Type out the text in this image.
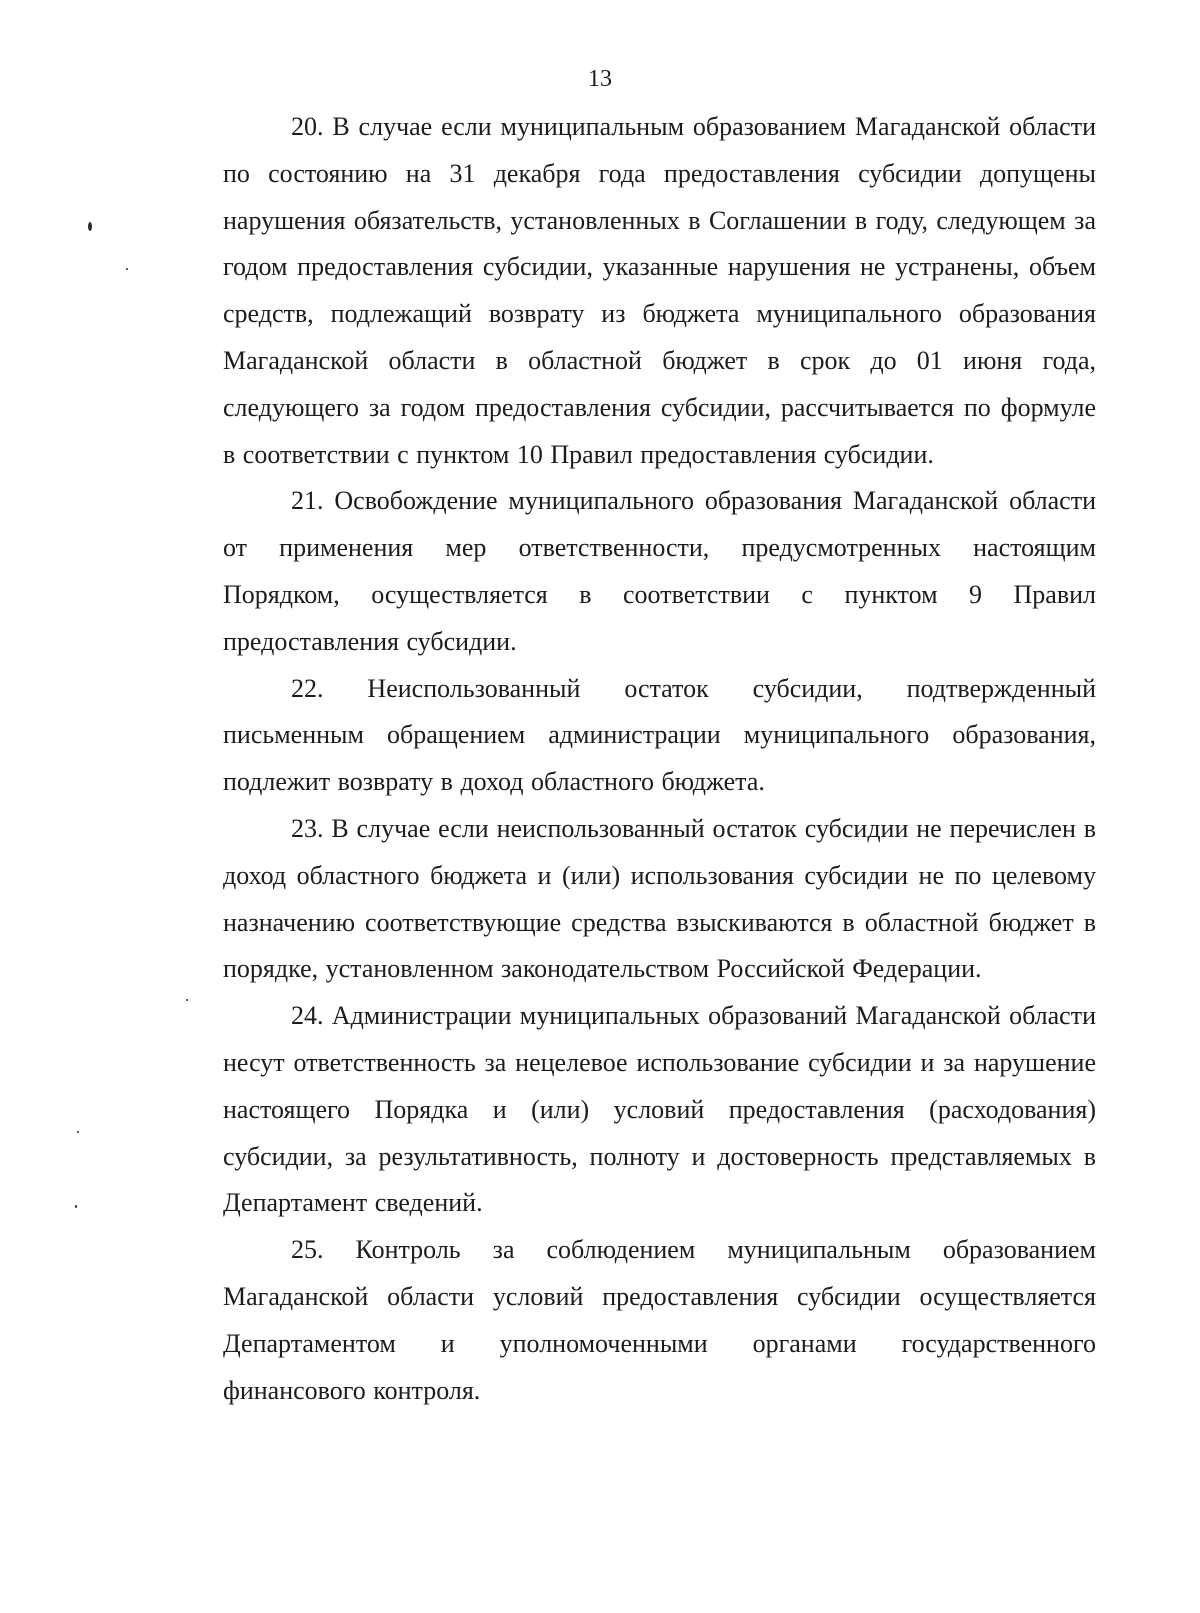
13

20. В случае если муниципальным образованием Магаданской области по состоянию на 31 декабря года предоставления субсидии допущены нарушения обязательств, установленных в Соглашении в году, следующем за годом предоставления субсидии, указанные нарушения не устранены, объем средств, подлежащий возврату из бюджета муниципального образования Магаданской области в областной бюджет в срок до 01 июня года, следующего за годом предоставления субсидии, рассчитывается по формуле в соответствии с пунктом 10 Правил предоставления субсидии.

21. Освобождение муниципального образования Магаданской области от применения мер ответственности, предусмотренных настоящим Порядком, осуществляется в соответствии с пунктом 9 Правил предоставления субсидии.

22. Неиспользованный остаток субсидии, подтвержденный письменным обращением администрации муниципального образования, подлежит возврату в доход областного бюджета.

23. В случае если неиспользованный остаток субсидии не перечислен в доход областного бюджета и (или) использования субсидии не по целевому назначению соответствующие средства взыскиваются в областной бюджет в порядке, установленном законодательством Российской Федерации.

24. Администрации муниципальных образований Магаданской области несут ответственность за нецелевое использование субсидии и за нарушение настоящего Порядка и (или) условий предоставления (расходования) субсидии, за результативность, полноту и достоверность представляемых в Департамент сведений.

25. Контроль за соблюдением муниципальным образованием Магаданской области условий предоставления субсидии осуществляется Департаментом и уполномоченными органами государственного финансового контроля.
